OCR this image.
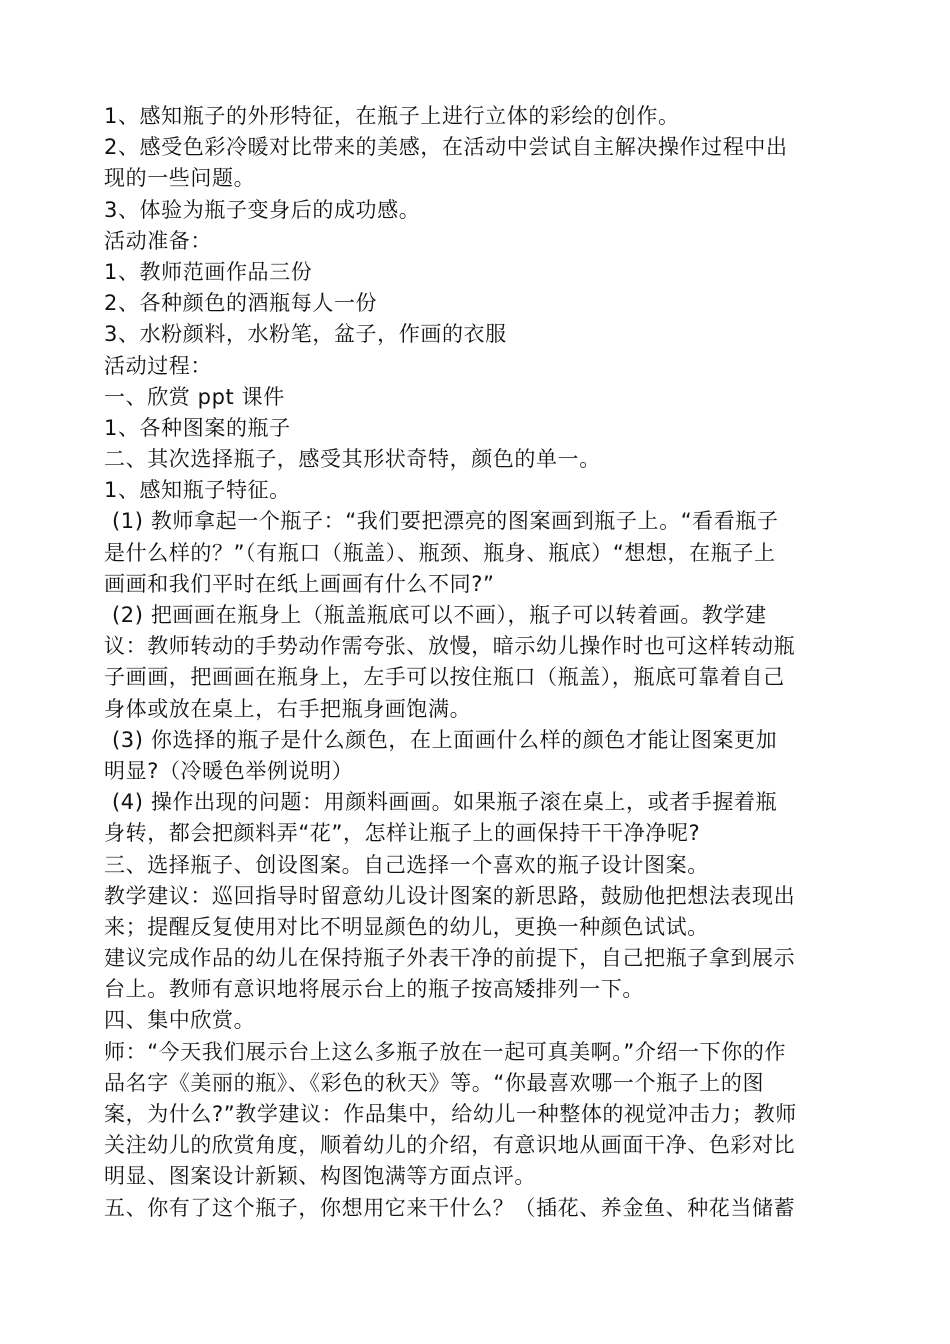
1、感知瓶子的外形特征，在瓶子上进行立体的彩绘的创作。
2、感受色彩冷暖对比带来的美感，在活动中尝试自主解决操作过程中出
现的一些问题。
3、体验为瓶子变身后的成功感。
活动准备：
1、教师范画作品三份
2、各种颜色的酒瓶每人一份
3、水粉颜料，水粉笔，盆子，作画的衣服
活动过程：
一、欣赏 ppt 课件
1、各种图案的瓶子
二、其次选择瓶子，感受其形状奇特，颜色的单一。
1、感知瓶子特征。
(1) 教师拿起一个瓶子：“我们要把漂亮的图案画到瓶子上。“看看瓶子
是什么样的？”（有瓶口（瓶盖）、瓶颈、瓶身、瓶底）“想想，在瓶子上
画画和我们平时在纸上画画有什么不同?”
(2) 把画画在瓶身上（瓶盖瓶底可以不画），瓶子可以转着画。教学建
议：教师转动的手势动作需夸张、放慢，暗示幼儿操作时也可这样转动瓶
子画画，把画画在瓶身上，左手可以按住瓶口（瓶盖），瓶底可靠着自己
身体或放在桌上，右手把瓶身画饱满。
(3) 你选择的瓶子是什么颜色，在上面画什么样的颜色才能让图案更加
明显?（冷暖色举例说明）
(4) 操作出现的问题：用颜料画画。如果瓶子滚在桌上，或者手握着瓶
身转，都会把颜料弄“花”，怎样让瓶子上的画保持干干净净呢?
三、选择瓶子、创设图案。自己选择一个喜欢的瓶子设计图案。
教学建议：巡回指导时留意幼儿设计图案的新思路，鼓励他把想法表现出
来；提醒反复使用对比不明显颜色的幼儿，更换一种颜色试试。
建议完成作品的幼儿在保持瓶子外表干净的前提下，自己把瓶子拿到展示
台上。教师有意识地将展示台上的瓶子按高矮排列一下。
四、集中欣赏。
师：“今天我们展示台上这么多瓶子放在一起可真美啊。”介绍一下你的作
品名字《美丽的瓶》、《彩色的秋天》等。“你最喜欢哪一个瓶子上的图
案，为什么?”教学建议：作品集中，给幼儿一种整体的视觉冲击力；教师
关注幼儿的欣赏角度，顺着幼儿的介绍，有意识地从画面干净、色彩对比
明显、图案设计新颖、构图饱满等方面点评。
五、你有了这个瓶子，你想用它来干什么？（插花、养金鱼、种花当储蓄
